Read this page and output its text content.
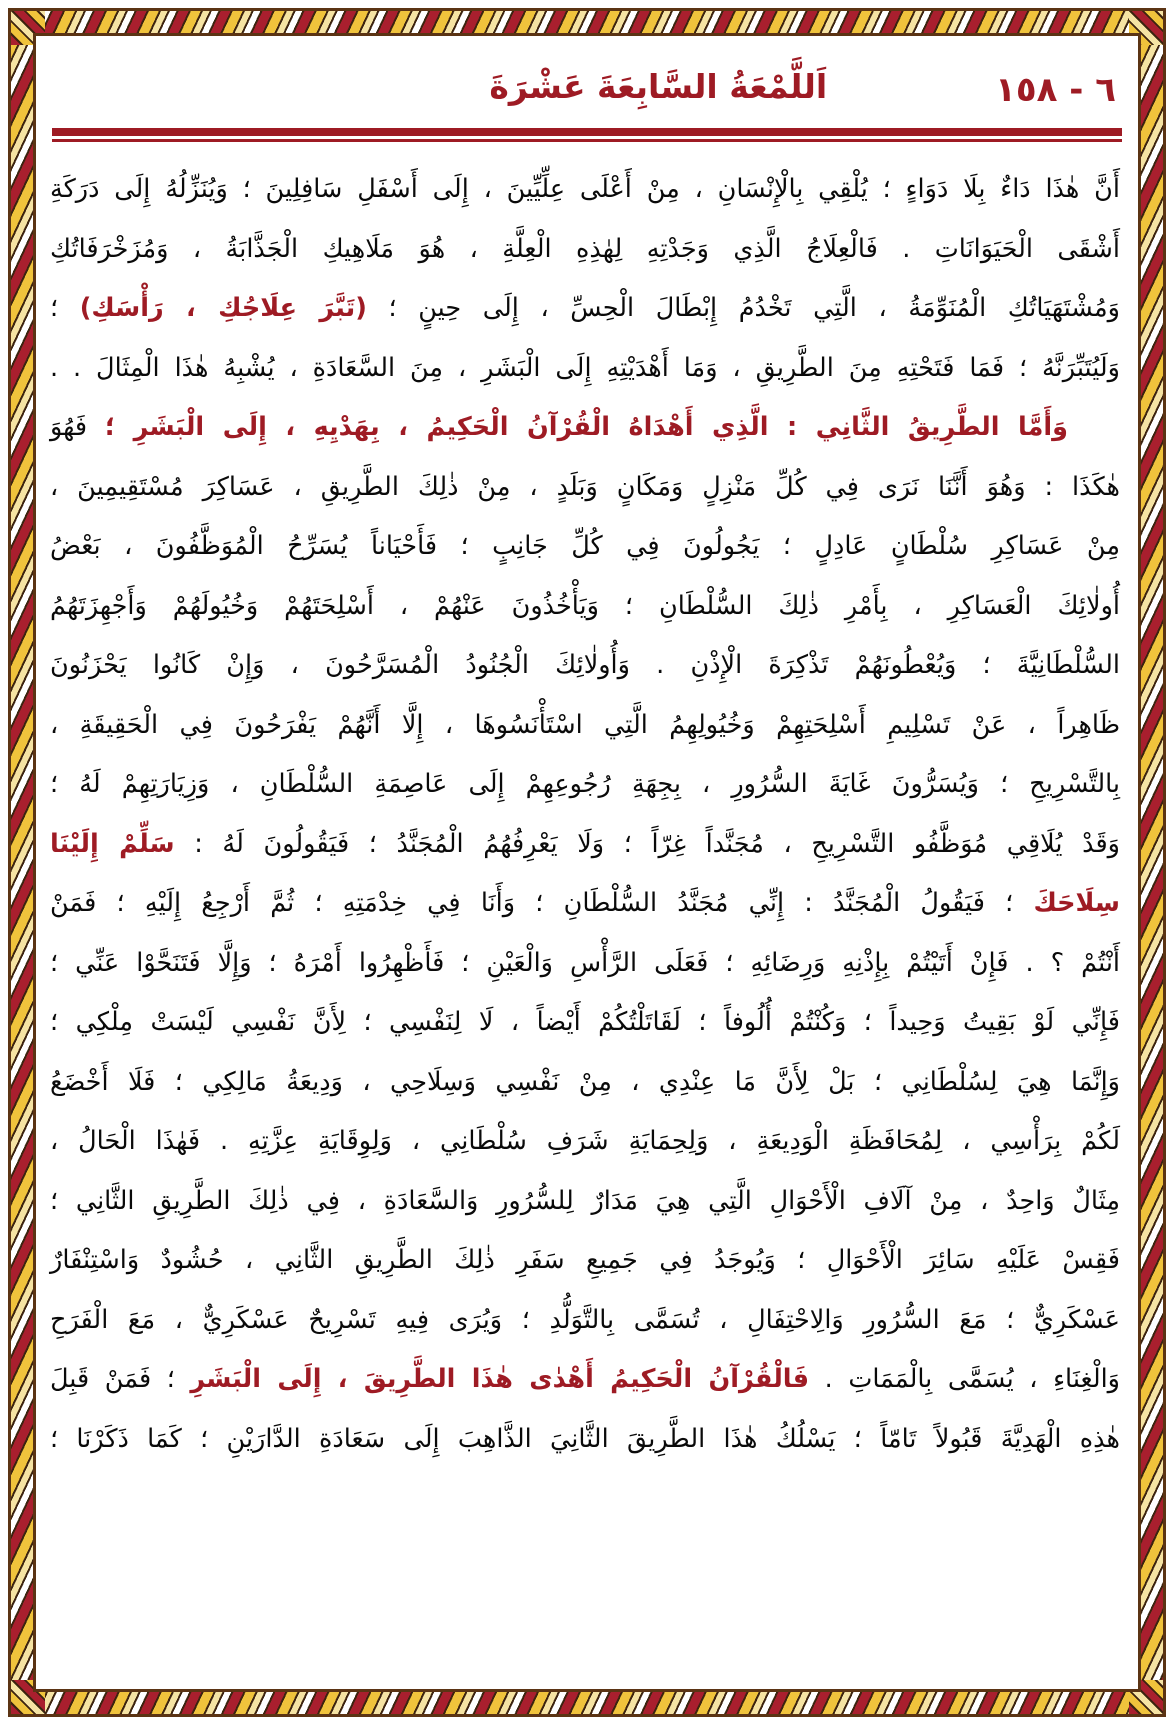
٦ - ١٥٨
اَللَّمْعَةُ السَّابِعَةَ عَشْرَةَ
أَنَّ هٰذَا دَاءٌ بِلَا دَوَاءٍ ؛ يُلْقِي بِالْإِنْسَانِ ، مِنْ أَعْلَى عِلِّيِّينَ ، إِلَى أَسْفَلِ سَافِلِينَ ؛ وَيُنَزِّلُهُ إِلَى دَرَكَةِأَشْقَى الْحَيَوَانَاتِ . فَالْعِلَاجُ الَّذِي وَجَدْتِهِ لِهٰذِهِ الْعِلَّةِ ، هُوَ مَلَاهِيكِ الْجَذَّابَةُ ، وَمُزَخْرَفَاتُكِوَمُشْتَهَيَاتُكِ الْمُنَوِّمَةُ ، الَّتِي تَخْدُمُ إِبْطَالَ الْحِسِّ ، إِلَى حِينٍ ؛ (تَبَّرَ عِلَاجُكِ ، رَأْسَكِ) ؛وَلَيُتَبِّرَنَّهُ ؛ فَمَا فَتَحْتِهِ مِنَ الطَّرِيقِ ، وَمَا أَهْدَيْتِهِ إِلَى الْبَشَرِ ، مِنَ السَّعَادَةِ ، يُشْبِهُ هٰذَا الْمِثَالَ . .وَأَمَّا الطَّرِيقُ الثَّانِي : الَّذِي أَهْدَاهُ الْقُرْآنُ الْحَكِيمُ ، بِهَدْيِهِ ، إِلَى الْبَشَرِ ؛ فَهُوَهٰكَذَا : وَهُوَ أَنَّنَا نَرَى فِي كُلِّ مَنْزِلٍ وَمَكَانٍ وَبَلَدٍ ، مِنْ ذٰلِكَ الطَّرِيقِ ، عَسَاكِرَ مُسْتَقِيمِينَ ،مِنْ عَسَاكِرِ سُلْطَانٍ عَادِلٍ ؛ يَجُولُونَ فِي كُلِّ جَانِبٍ ؛ فَأَحْيَاناً يُسَرِّحُ الْمُوَظَّفُونَ ، بَعْضُأُولٰائِكَ الْعَسَاكِرِ ، بِأَمْرِ ذٰلِكَ السُّلْطَانِ ؛ وَيَأْخُذُونَ عَنْهُمْ ، أَسْلِحَتَهُمْ وَخُيُولَهُمْ وَأَجْهِزَتَهُمُالسُّلْطَانِيَّةَ ؛ وَيُعْطُونَهُمْ تَذْكِرَةَ الْإِذْنِ . وَأُولٰائِكَ الْجُنُودُ الْمُسَرَّحُونَ ، وَإِنْ كَانُوا يَحْزَنُونَظَاهِراً ، عَنْ تَسْلِيمِ أَسْلِحَتِهِمْ وَخُيُولِهِمُ الَّتِي اسْتَأْنَسُوهَا ، إِلَّا أَنَّهُمْ يَفْرَحُونَ فِي الْحَقِيقَةِ ،بِالتَّسْرِيحِ ؛ وَيُسَرُّونَ غَايَةَ السُّرُورِ ، بِجِهَةِ رُجُوعِهِمْ إِلَى عَاصِمَةِ السُّلْطَانِ ، وَزِيَارَتِهِمْ لَهُ ؛وَقَدْ يُلَاقِي مُوَظَّفُو التَّسْرِيحِ ، مُجَنَّداً غِرّاً ؛ وَلَا يَعْرِفُهُمُ الْمُجَنَّدُ ؛ فَيَقُولُونَ لَهُ : سَلِّمْ إِلَيْنَاسِلَاحَكَ ؛ فَيَقُولُ الْمُجَنَّدُ : إِنِّي مُجَنَّدُ السُّلْطَانِ ؛ وَأَنَا فِي خِدْمَتِهِ ؛ ثُمَّ أَرْجِعُ إِلَيْهِ ؛ فَمَنْأَنْتُمْ ؟ . فَإِنْ أَتَيْتُمْ بِإِذْنِهِ وَرِضَائِهِ ؛ فَعَلَى الرَّأْسِ وَالْعَيْنِ ؛ فَأَظْهِرُوا أَمْرَهُ ؛ وَإِلَّا فَتَنَحَّوْا عَنِّي ؛فَإِنِّي لَوْ بَقِيتُ وَحِيداً ؛ وَكُنْتُمْ أُلُوفاً ؛ لَقَاتَلْتُكُمْ أَيْضاً ، لَا لِنَفْسِي ؛ لِأَنَّ نَفْسِي لَيْسَتْ مِلْكِي ؛وَإِنَّمَا هِيَ لِسُلْطَانِي ؛ بَلْ لِأَنَّ مَا عِنْدِي ، مِنْ نَفْسِي وَسِلَاحِي ، وَدِيعَةُ مَالِكِي ؛ فَلَا أَخْضَعُلَكُمْ بِرَأْسِي ، لِمُحَافَظَةِ الْوَدِيعَةِ ، وَلِحِمَايَةِ شَرَفِ سُلْطَانِي ، وَلِوِقَايَةِ عِزَّتِهِ . فَهٰذَا الْحَالُ ،مِثَالٌ وَاحِدٌ ، مِنْ آلَافِ الْأَحْوَالِ الَّتِي هِيَ مَدَارٌ لِلسُّرُورِ وَالسَّعَادَةِ ، فِي ذٰلِكَ الطَّرِيقِ الثَّانِي ؛فَقِسْ عَلَيْهِ سَائِرَ الْأَحْوَالِ ؛ وَيُوجَدُ فِي جَمِيعِ سَفَرِ ذٰلِكَ الطَّرِيقِ الثَّانِي ، حُشُودٌ وَاسْتِنْفَارٌعَسْكَرِيٌّ ؛ مَعَ السُّرُورِ وَالِاحْتِفَالِ ، تُسَمَّى بِالتَّوَلُّدِ ؛ وَيُرَى فِيهِ تَسْرِيحٌ عَسْكَرِيٌّ ، مَعَ الْفَرَحِوَالْغِنَاءِ ، يُسَمَّى بِالْمَمَاتِ . فَالْقُرْآنُ الْحَكِيمُ أَهْدٰى هٰذَا الطَّرِيقَ ، إِلَى الْبَشَرِ ؛ فَمَنْ قَبِلَهٰذِهِ الْهَدِيَّةَ قَبُولاً تَامّاً ؛ يَسْلُكُ هٰذَا الطَّرِيقَ الثَّانِيَ الذَّاهِبَ إِلَى سَعَادَةِ الدَّارَيْنِ ؛ كَمَا ذَكَرْنَا ؛
